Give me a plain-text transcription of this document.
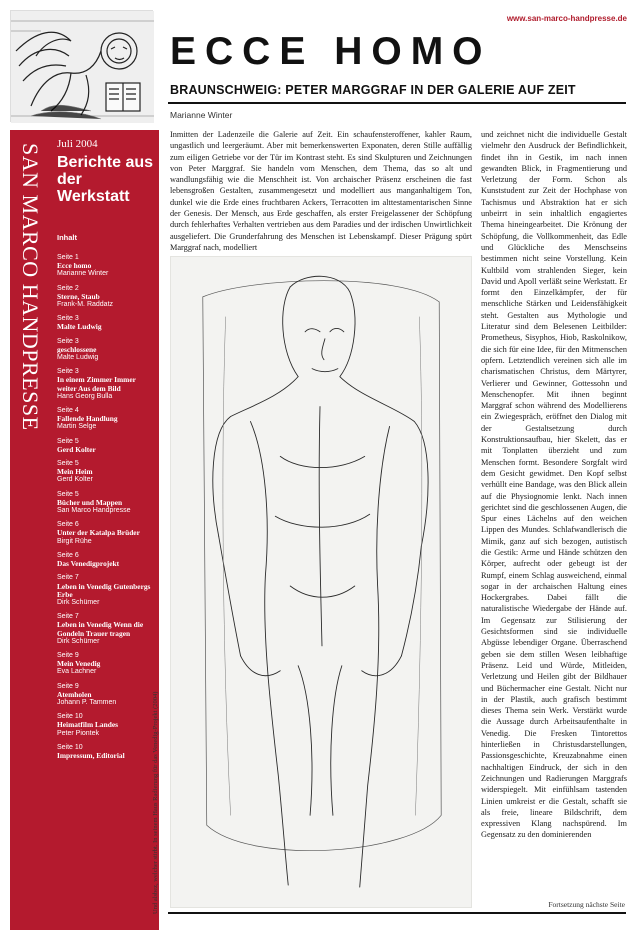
www.san-marco-handpresse.de
ECCE HOMO
BRAUNSCHWEIG: PETER MARGGRAF IN DER GALERIE AUF ZEIT
Marianne Winter
SAN MARCO HANDPRESSE Juli 2004
Berichte aus der Werkstatt
Inhalt
Seite 1
Ecce homo
Marianne Winter
Seite 2
Sterne, Staub
Frank-M. Raddatz
Seite 3
Malte Ludwig
Seite 3
geschlossene
Malte Ludwig
Seite 3
In einem Zimmer Immer weiter Aus dem Bild
Hans Georg Bulla
Seite 4
Fallende Handlung
Martin Selge
Seite 5
Gerd Kolter
Seite 5
Mein Heim
Gerd Kolter
Seite 5
Bücher und Mappen
San Marco Handpresse
Seite 6
Unter der Katalpa Brüder
Birgit Rühe
Seite 6
Das Venedigprojekt
Seite 7
Leben in Venedig Gutenbergs Erbe
Dirk Schümer
Seite 7
Leben in Venedig Wenn die Gondeln Trauer tragen
Dirk Schümer
Seite 9
Mein Venedig
Eva Lachner
Seite 9
Atemholen
Johann P. Tammen
Seite 10
Heimatfilm Landes
Peter Piontek
Seite 10
Impressum, Editorial
Inmitten der Ladenzeile die Galerie auf Zeit. Ein schaufensteroffener, kahler Raum, ungastlich und leergeräumt. Aber mit bemerkenswerten Exponaten, deren Stille auffällig zum eiligen Getriebe vor der Tür im Kontrast steht. Es sind Skulpturen und Zeichnungen von Peter Marggraf. Sie handeln vom Menschen, dem Thema, das so alt und wandlungsfähig wie die Menschheit ist. Von archaischer Präsenz erscheinen die fast lebensgroßen Gestalten, zusammengesetzt und modelliert aus manganhaltigem Ton, dunkel wie die Erde eines fruchtbaren Ackers, Terracotten im alttestamentarischen Sinne der Genesis. Der Mensch, aus Erde geschaffen, als erster Freigelassener der Schöpfung durch fehlerhaftes Verhalten vertrieben aus dem Paradies und der irdischen Unwirtlichkeit ausgeliefert. Die Grunderfahrung des Menschen ist Lebenskampf. Dieser Prägung spürt Marggraf nach, modelliert
und zeichnet nicht die individuelle Gestalt vielmehr den Ausdruck der Befindlichkeit, findet ihn in Gestik, im nach innen gewandten Blick, in Fragmentierung und Verletzung der Form. Schon als Kunststudent zur Zeit der Hochphase von Tachismus und Abstraktion hat er sich unbeirrt in sein inhaltlich engagiertes Thema hineingearbeitet. Die Krönung der Schöpfung, die Vollkommenheit, das Edle und Glückliche des Menschseins bestimmen nicht seine Vorstellung. Kein Kultbild vom strahlenden Sieger, kein David und Apoll verläßt seine Werkstatt. Er formt den Einzelkämpfer, der für menschliche Stärken und Leidensfähigkeit steht. Gestalten aus Mythologie und Literatur sind dem Belesenen Leitbilder: Prometheus, Sisyphos, Hiob, Raskolnikow, die sich für eine Idee, für den Mitmenschen opfern. Letztendlich vereinen sich alle im charismatischen Christus, dem Märtyrer, Verlierer und Gewinner, Gottessohn und Menschenopfer. Mit ihnen beginnt Marggraf schon während des Modellierens ein Zwiegespräch, eröffnet den Dialog mit der Gestaltsetzung durch Konstruktionsaufbau, hier Skelett, das er mit Tonplatten überzieht und zum Menschen formt. Besondere Sorgfalt wird dem Gesicht gewidmet. Den Kopf selbst verhüllt eine Bandage, was den Blick allein auf die Physiognomie lenkt. Nach innen gerichtet sind die geschlossenen Augen, die Spur eines Lächelns auf den weichen Lippen des Mundes. Schlafwandlerisch die Mimik, ganz auf sich bezogen, autistisch die Gestik: Arme und Hände schützen den Körper, aufrecht oder gebeugt ist der Rumpf, einem Schlag ausweichend, einmal sogar in der archaischen Haltung eines Hockergrabes. Dabei fällt die naturalistische Wiedergabe der Hände auf. Im Gegensatz zur Stilisierung der Gesichtsformen sind sie individuelle Abgüsse lebendiger Organe. Überraschend geben sie dem stillen Wesen leibhaftige Präsenz. Leid und Würde, Mitleiden, Verletzung und Heilen gibt der Bildhauer und Büchermacher eine Gestalt. Nicht nur in der Plastik, auch grafisch bestimmt dieses Thema sein Werk. Verstärkt wurde die Aussage durch Arbeitsaufenthalte in Venedig. Die Fresken Tintorettos hinterließen in Christusdarstellungen, Passionsgeschichte, Kreuzabnahme einen nachhaltigen Eindruck, der sich in den Zeichnungen und Radierungen Marggrafs widerspiegelt. Mit einfühlsam tastenden Linien umkreist er die Gestalt, schafft sie als freie, lineare Bildschrift, dem expressiven Klang nachspürend. Im Gegensatz zu den dominierenden
Und alsbez, welcher stirbt. In seinem Haus Radierung für das Venedig-Projekt (2004)	Fortsetzung nächste Seite
